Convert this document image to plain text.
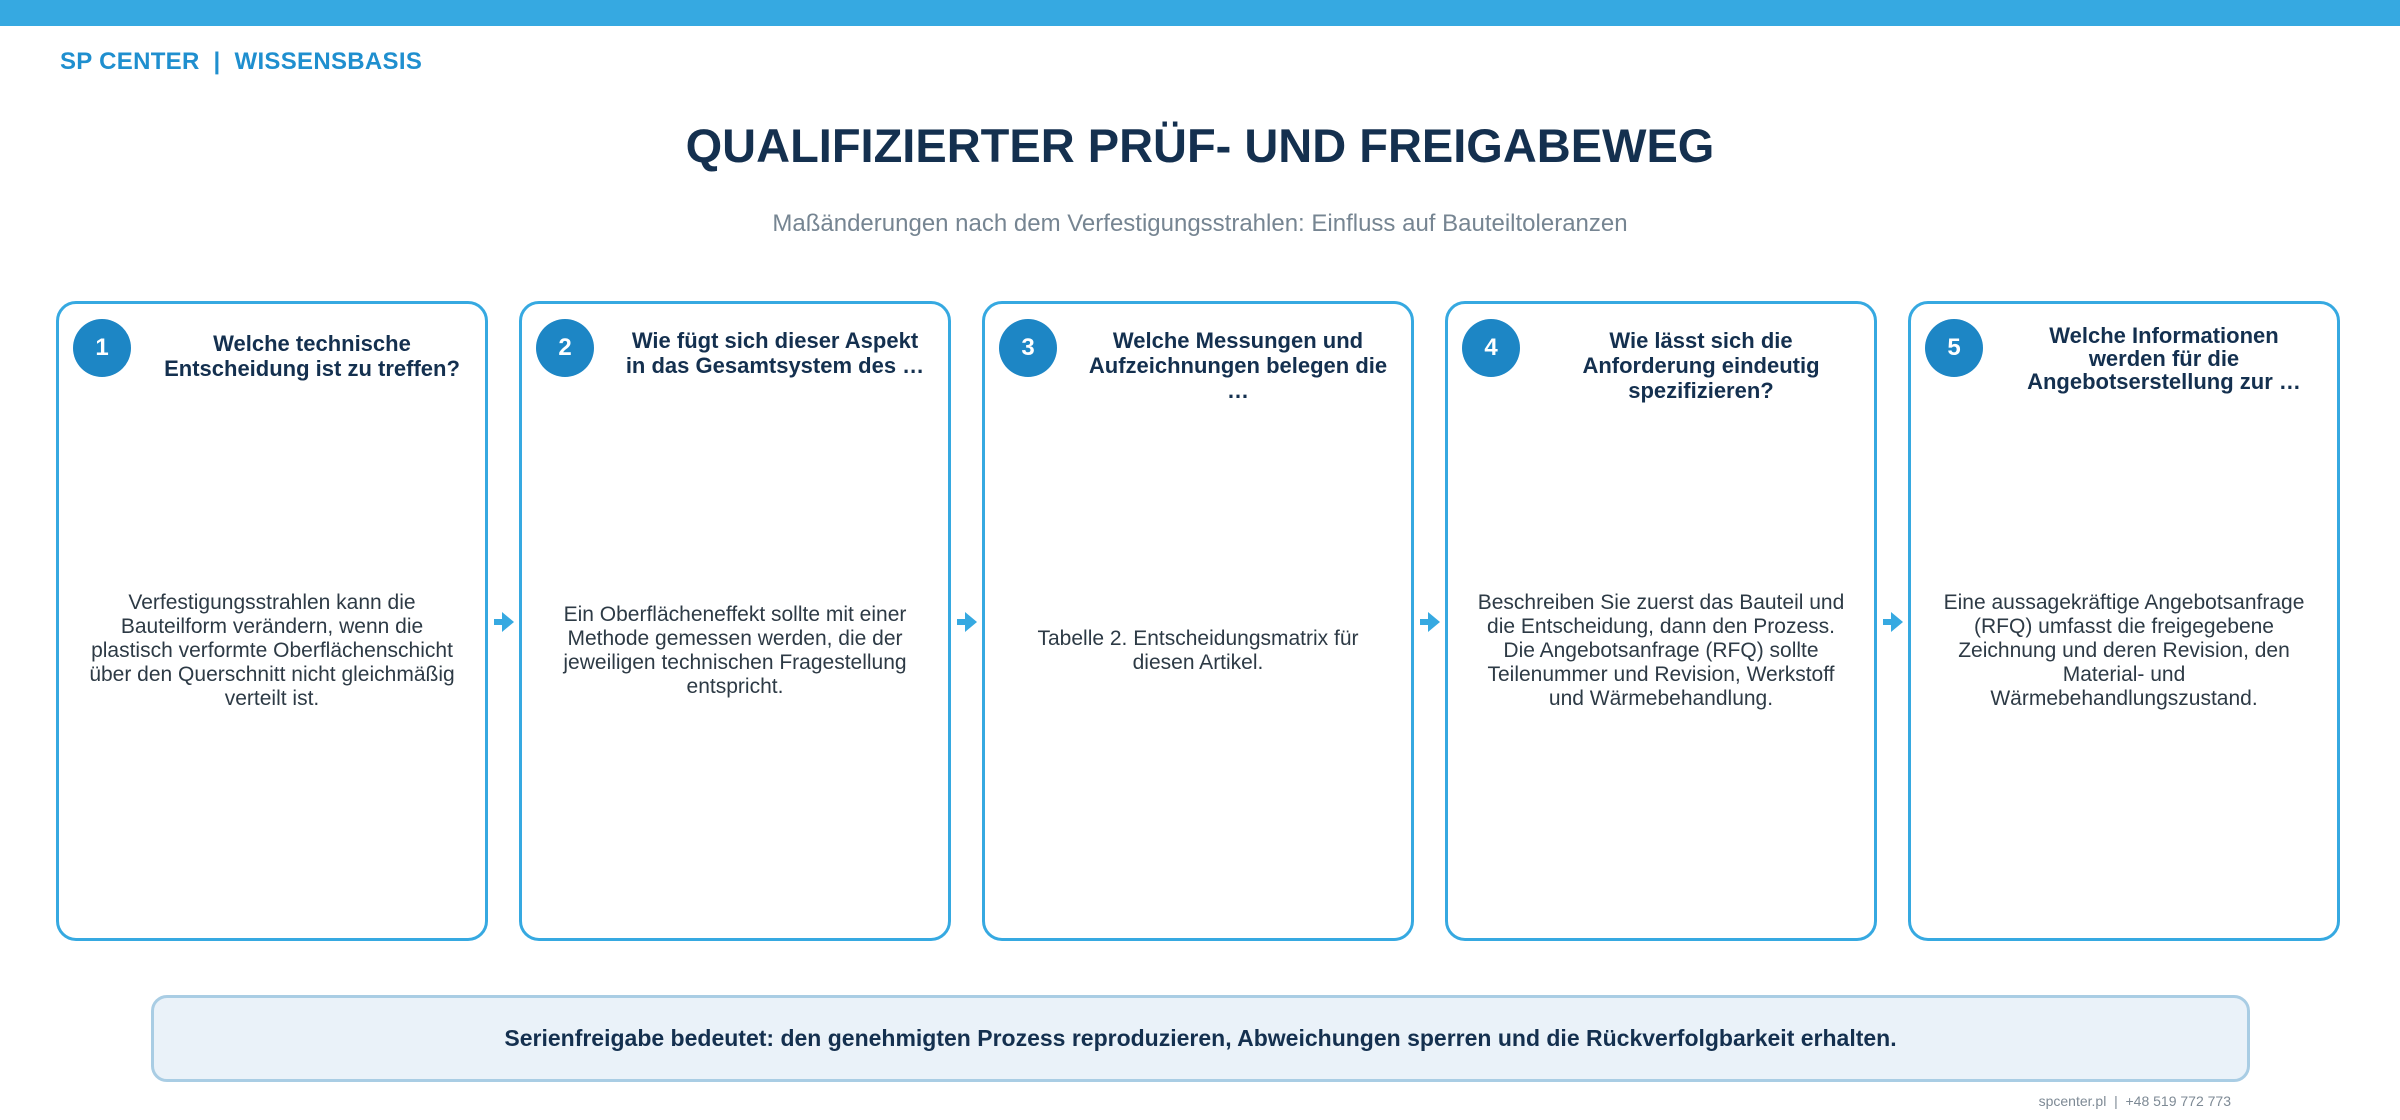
SP CENTER  |  WISSENSBASIS
QUALIFIZIERTER PRÜF- UND FREIGABEWEG
Maßänderungen nach dem Verfestigungsstrahlen: Einfluss auf Bauteiltoleranzen
1	Welche technische Entscheidung ist zu treffen?
Verfestigungsstrahlen kann die Bauteilform verändern, wenn die plastisch verformte Oberflächenschicht über den Querschnitt nicht gleichmäßig verteilt ist.
2	Wie fügt sich dieser Aspekt in das Gesamtsystem des …
Ein Oberflächeneffekt sollte mit einer Methode gemessen werden, die der jeweiligen technischen Fragestellung entspricht.
3	Welche Messungen und Aufzeichnungen belegen die …
Tabelle 2. Entscheidungsmatrix für diesen Artikel.
4	Wie lässt sich die Anforderung eindeutig spezifizieren?
Beschreiben Sie zuerst das Bauteil und die Entscheidung, dann den Prozess. Die Angebotsanfrage (RFQ) sollte Teilenummer und Revision, Werkstoff und Wärmebehandlung.
5	Welche Informationen werden für die Angebotserstellung zur …
Eine aussagekräftige Angebotsanfrage (RFQ) umfasst die freigegebene Zeichnung und deren Revision, den Material- und Wärmebehandlungszustand.
Serienfreigabe bedeutet: den genehmigten Prozess reproduzieren, Abweichungen sperren und die Rückverfolgbarkeit erhalten.
spcenter.pl  |  +48 519 772 773
